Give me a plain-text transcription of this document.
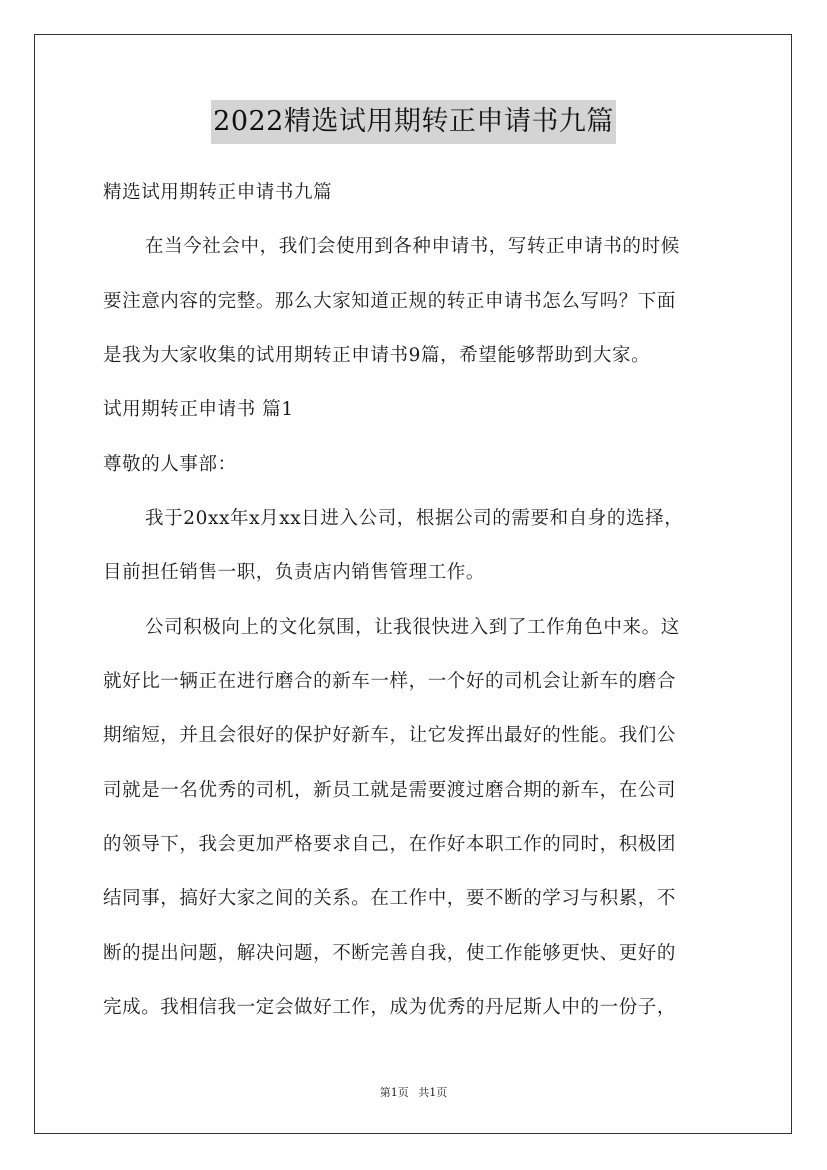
2022精选试用期转正申请书九篇
精选试用期转正申请书九篇
在当今社会中，我们会使用到各种申请书，写转正申请书的时候
要注意内容的完整。那么大家知道正规的转正申请书怎么写吗？下面
是我为大家收集的试用期转正申请书9篇，希望能够帮助到大家。
试用期转正申请书 篇1
尊敬的人事部：
我于20xx年x月xx日进入公司，根据公司的需要和自身的选择，
目前担任销售一职，负责店内销售管理工作。
公司积极向上的文化氛围，让我很快进入到了工作角色中来。这
就好比一辆正在进行磨合的新车一样，一个好的司机会让新车的磨合
期缩短，并且会很好的保护好新车，让它发挥出最好的性能。我们公
司就是一名优秀的司机，新员工就是需要渡过磨合期的新车，在公司
的领导下，我会更加严格要求自己，在作好本职工作的同时，积极团
结同事，搞好大家之间的关系。在工作中，要不断的学习与积累，不
断的提出问题，解决问题，不断完善自我，使工作能够更快、更好的
完成。我相信我一定会做好工作，成为优秀的丹尼斯人中的一份子，
第1页 共1页
